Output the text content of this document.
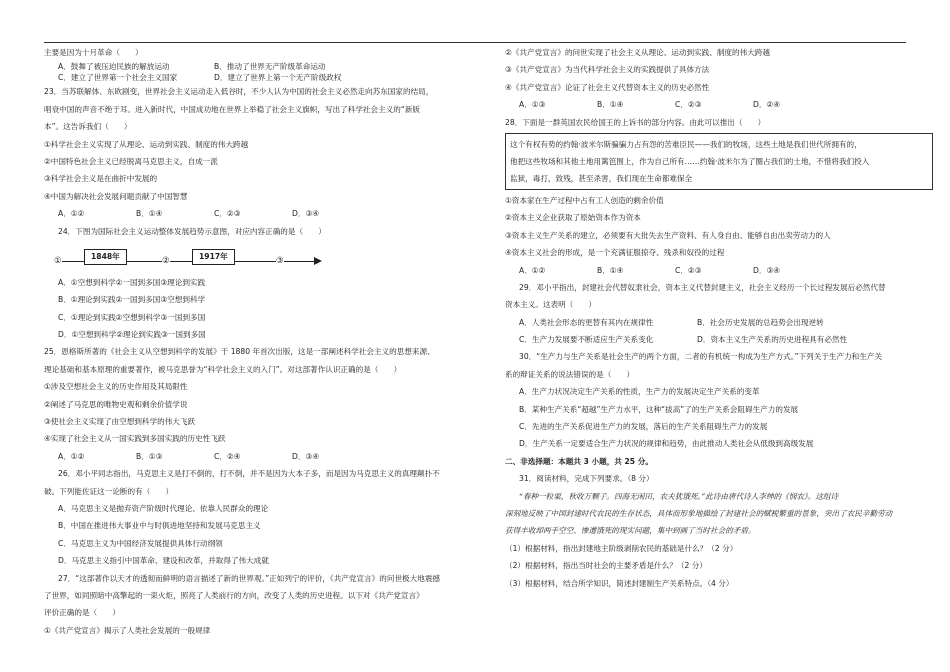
主要是因为十月革命（　　）
A．鼓舞了被压迫民族的解放运动	B．推动了世界无产阶级革命运动
C．建立了世界第一个社会主义国家	D．建立了世界上第一个无产阶级政权
23．当苏联解体、东欧剧变，世界社会主义运动走入低谷时，不少人认为中国的社会主义必然走向苏东国家的结局，
唱衰中国的声音不绝于耳。进入新时代，中国成功地在世界上举稳了社会主义旗帜，写出了科学社会主义的“新版
本”。这告诉我们（　　）
①科学社会主义实现了从理论、运动到实践、制度的伟大跨越
②中国特色社会主义已经脱离马克思主义，自成一派
③科学社会主义是在曲折中发展的
④中国为解决社会发展问题贡献了中国智慧
A．①②	B．①④	C．②③	D．③④
24．下图为国际社会主义运动整体发展趋势示意图，对应内容正确的是（　　）
①	1848年	②	1917年	③
A．①空想到科学②一国到多国③理论到实践
B．①理论到实践②一国到多国③空想到科学
C．①理论到实践②空想到科学③一国到多国
D．①空想到科学②理论到实践③一国到多国
25．恩格斯所著的《社会主义从空想到科学的发展》于 1880 年首次出版，这是一部阐述科学社会主义的思想来源、
理论基础和基本原理的重要著作，被马克思誉为“科学社会主义的入门”。对这部著作认识正确的是（　　）
①涉及空想社会主义的历史作用及其局限性
②阐述了马克思的唯物史观和剩余价值学说
③使社会主义实现了由空想到科学的伟大飞跃
④实现了社会主义从一国实践到多国实践的历史性飞跃
A．①②	B．①③	C．②④	D．③④
26．邓小平同志指出，马克思主义是打不倒的，打不倒，并不是因为大本子多，而是因为马克思主义的真理颠扑不
破。下列能佐证这一论断的有（　　）
A．马克思主义是抛弃资产阶级时代理论、依靠人民群众的理论
B．中国在推进伟大事业中与时俱进地坚持和发展马克思主义
C．马克思主义为中国经济发展提供具体行动纲领
D．马克思主义指引中国革命、建设和改革，并取得了伟大成就
27．“这部著作以天才的透彻而鲜明的语言描述了新的世界观。”正如列宁的评价，《共产党宣言》的问世极大地震撼
了世界，如同照暗中高擎起的一束火炬，照亮了人类前行的方向，改变了人类的历史进程。以下对《共产党宣言》
评价正确的是（　　）
①《共产党宣言》揭示了人类社会发展的一般规律
②《共产党宣言》的问世实现了社会主义从理论、运动到实践、制度的伟大跨越
③《共产党宣言》为当代科学社会主义的实践提供了具体方法
④《共产党宣言》论证了社会主义代替资本主义的历史必然性
A．①③	B．①④	C．②③	D．②④
28．下面是一群英国农民给国王的上诉书的部分内容。由此可以推出（　　）
这个有权有势的约翰·波米尔斯骗骗力占有怨的苦难臣民——我们的牧场，这些土地是我们世代所拥有的，
他把这些牧场和其他土地用篱笆围上，作为自己所有……约翰·波米尔为了圈占我们的土地，不惜将我们投入
监狱，毒打，致残，甚至杀害，我们现在生命都难保全
①资本家在生产过程中占有工人创造的剩余价值
②资本主义企业获取了原始资本作为资本
③资本主义生产关系的建立，必须要有大批失去生产资料、有人身自由、能够自由出卖劳动力的人
④资本主义社会的形成，是一个充满征服掠夺、残杀和奴役的过程
A．①②	B．①④	C．②③	D．③④
29．邓小平指出，封建社会代替奴隶社会，资本主义代替封建主义，社会主义经历一个长过程发展后必然代替
资本主义。这表明（　　）
A．人类社会形态的更替有其内在规律性	B．社会历史发展的总趋势会出现逆转
C．生产力发展要不断适应生产关系变化	D．资本主义生产关系的历史进程具有必然性
30．“生产力与生产关系是社会生产的两个方面，二者的有机统一构成为生产方式。”下列关于生产力和生产关
系的辩证关系的说法错误的是（　　）
A．生产力状况决定生产关系的性质，生产力的发展决定生产关系的变革
B．某种生产关系“超越”生产力水平，这种“拔高”了的生产关系会阻碍生产力的发展
C．先进的生产关系促进生产力的发展，落后的生产关系阻碍生产力的发展
D．生产关系一定要适合生产力状况的规律和趋势，由此推动人类社会从低级到高级发展
二、非选择题：本题共 3 小题，共 25 分。
31．阅读材料，完成下列要求。（8 分）
“春种一粒粟，秋收万颗子。四海无闲田，农夫犹饿死。”此诗由唐代诗人李绅的《悯农》。这组诗
深刻地反映了中国封建时代农民的生存状态，具体而形象地描绘了封建社会的赋税繁重的景象，突出了农民辛勤劳动
获得丰收却两手空空、惨遭饿死的现实问题，集中到画了当时社会的矛盾。
（1）根据材料，指出封建地主阶级剥削农民的基础是什么？（2 分）
（2）根据材料，指出当时社会的主要矛盾是什么？（2 分）
（3）根据材料，结合所学知识，简述封建制生产关系特点。（4 分）
